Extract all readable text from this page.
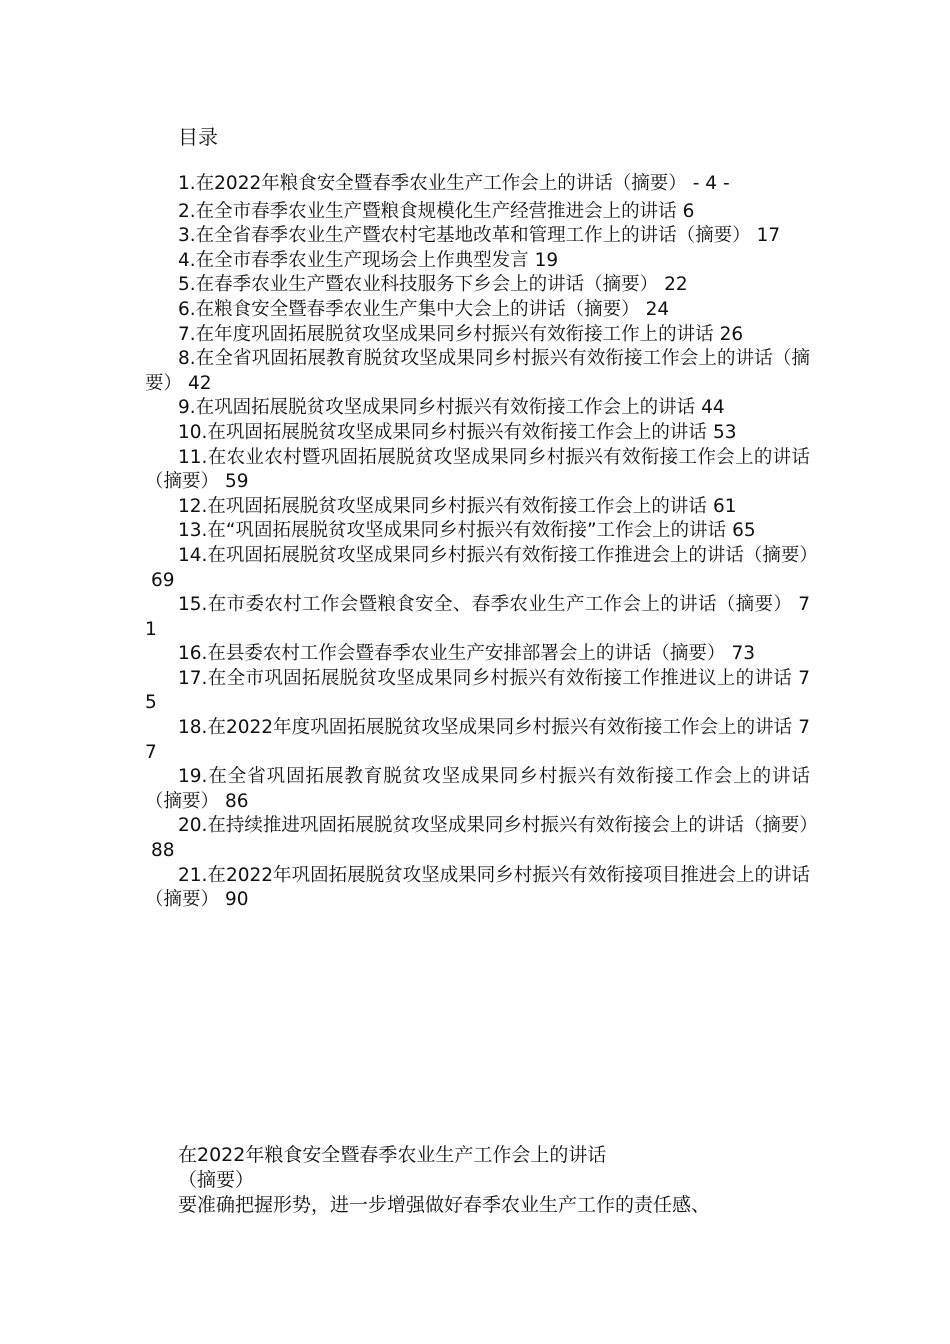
目录
1.在2022年粮食安全暨春季农业生产工作会上的讲话（摘要） - 4 -
2.在全市春季农业生产暨粮食规模化生产经营推进会上的讲话 6
3.在全省春季农业生产暨农村宅基地改革和管理工作上的讲话（摘要） 17
4.在全市春季农业生产现场会上作典型发言 19
5.在春季农业生产暨农业科技服务下乡会上的讲话（摘要） 22
6.在粮食安全暨春季农业生产集中大会上的讲话（摘要） 24
7.在年度巩固拓展脱贫攻坚成果同乡村振兴有效衔接工作上的讲话 26
8.在全省巩固拓展教育脱贫攻坚成果同乡村振兴有效衔接工作会上的讲话（摘要） 42
9.在巩固拓展脱贫攻坚成果同乡村振兴有效衔接工作会上的讲话 44
10.在巩固拓展脱贫攻坚成果同乡村振兴有效衔接工作会上的讲话 53
11.在农业农村暨巩固拓展脱贫攻坚成果同乡村振兴有效衔接工作会上的讲话（摘要） 59
12.在巩固拓展脱贫攻坚成果同乡村振兴有效衔接工作会上的讲话 61
13.在“巩固拓展脱贫攻坚成果同乡村振兴有效衔接”工作会上的讲话 65
14.在巩固拓展脱贫攻坚成果同乡村振兴有效衔接工作推进会上的讲话（摘要）69
15.在市委农村工作会暨粮食安全、春季农业生产工作会上的讲话（摘要） 71
16.在县委农村工作会暨春季农业生产安排部署会上的讲话（摘要） 73
17.在全市巩固拓展脱贫攻坚成果同乡村振兴有效衔接工作推进议上的讲话 75
18.在2022年度巩固拓展脱贫攻坚成果同乡村振兴有效衔接工作会上的讲话 77
19.在全省巩固拓展教育脱贫攻坚成果同乡村振兴有效衔接工作会上的讲话（摘要） 86
20.在持续推进巩固拓展脱贫攻坚成果同乡村振兴有效衔接会上的讲话（摘要）88
21.在2022年巩固拓展脱贫攻坚成果同乡村振兴有效衔接项目推进会上的讲话（摘要） 90
在2022年粮食安全暨春季农业生产工作会上的讲话
（摘要）
要准确把握形势，进一步增强做好春季农业生产工作的责任感、
